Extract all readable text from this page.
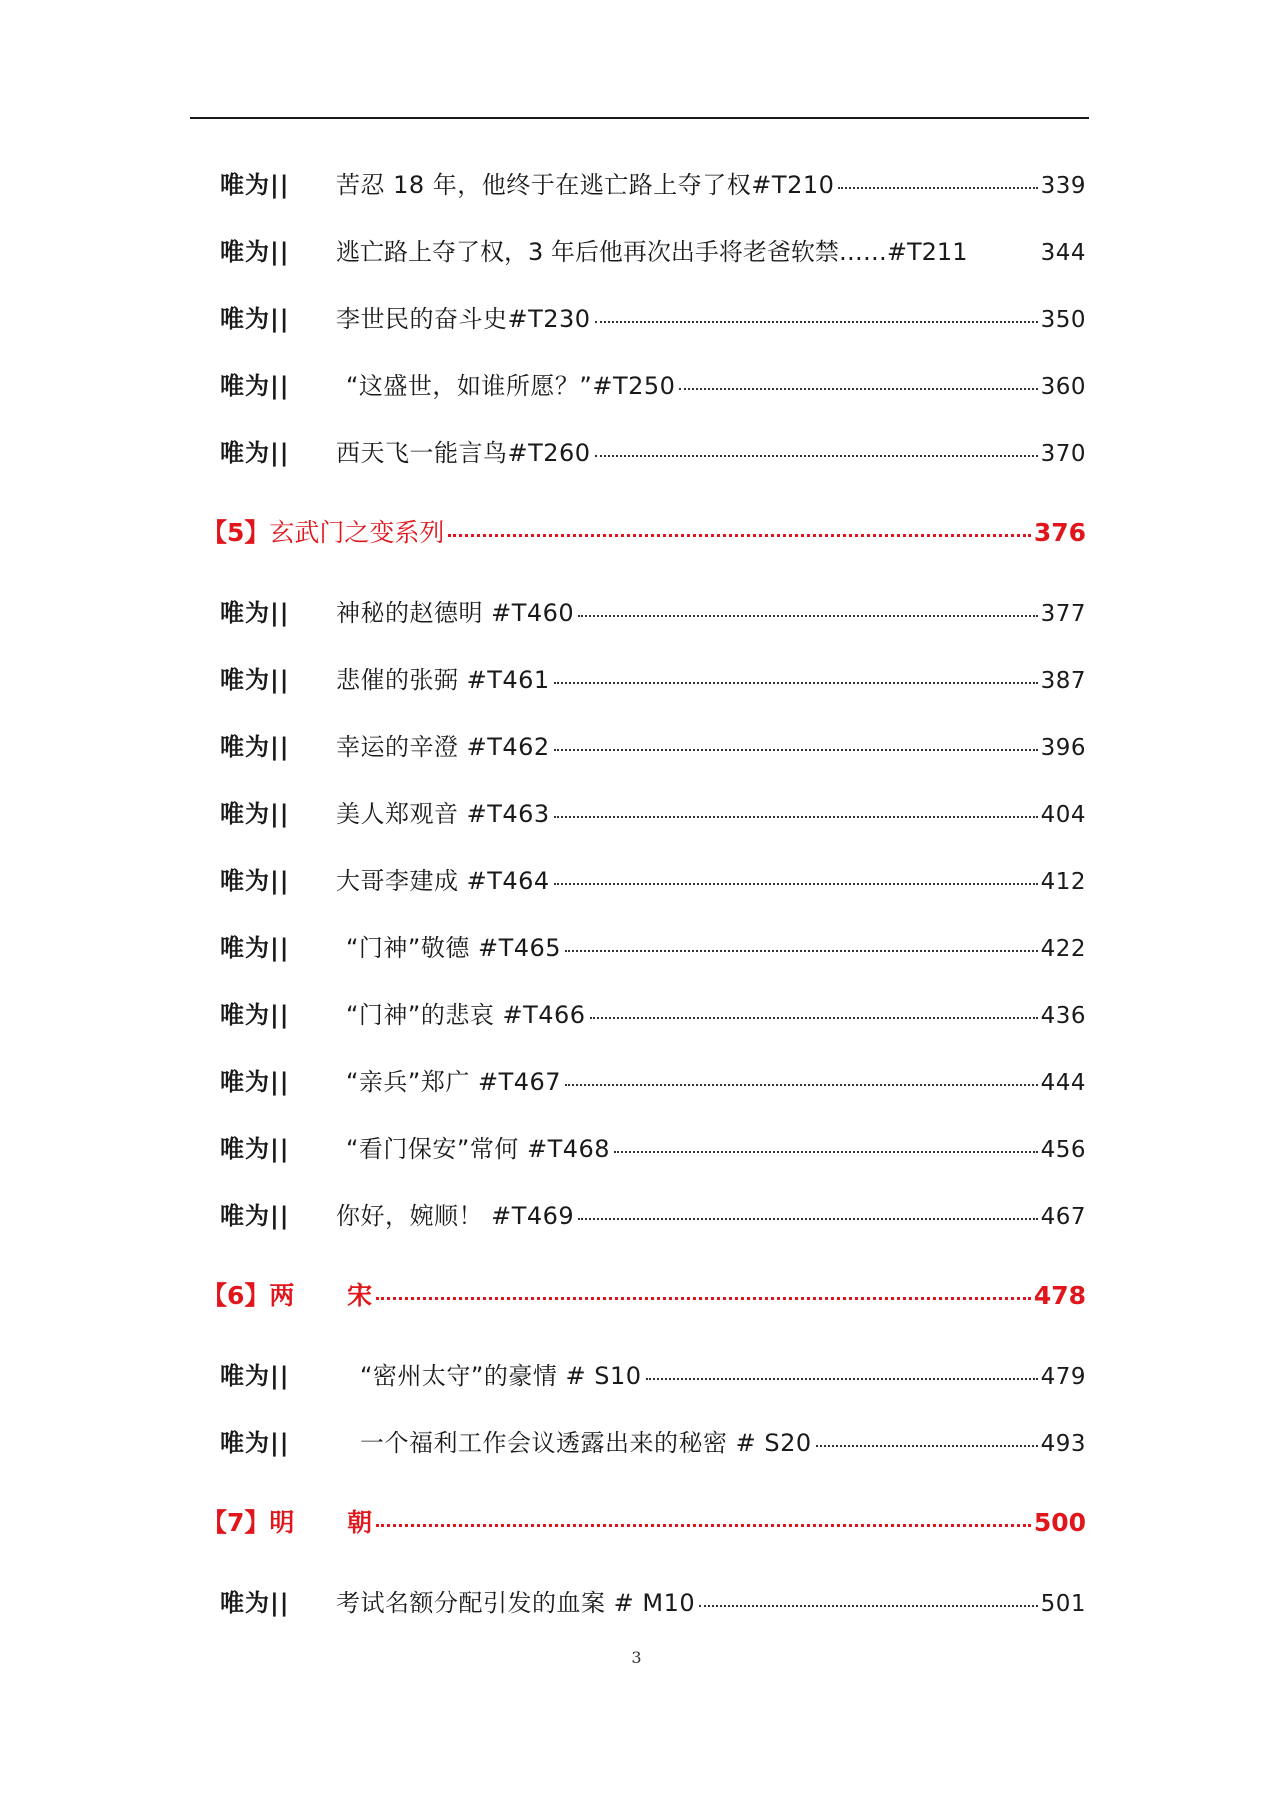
唯为||	苦忍 18 年，他终于在逃亡路上夺了权#T210	339
唯为||	逃亡路上夺了权，3 年后他再次出手将老爸软禁……#T211	344
唯为||	李世民的奋斗史#T230	350
唯为||	“这盛世，如谁所愿？”#T250	360
唯为||	西天飞一能言鸟#T260	370
【5】 玄武门之变系列	376
唯为||	神秘的赵德明 #T460	377
唯为||	悲催的张弼 #T461	387
唯为||	幸运的辛澄 #T462	396
唯为||	美人郑观音 #T463	404
唯为||	大哥李建成 #T464	412
唯为||	“门神”敬德 #T465	422
唯为||	“门神”的悲哀 #T466	436
唯为||	“亲兵”郑广 #T467	444
唯为||	“看门保安”常何 #T468	456
唯为||	你好，婉顺！ #T469	467
【6】 两 宋	478
唯为||	“密州太守”的豪情 # S10	479
唯为||	一个福利工作会议透露出来的秘密 # S20	493
【7】 明 朝	500
唯为||	考试名额分配引发的血案 # M10	501
3
